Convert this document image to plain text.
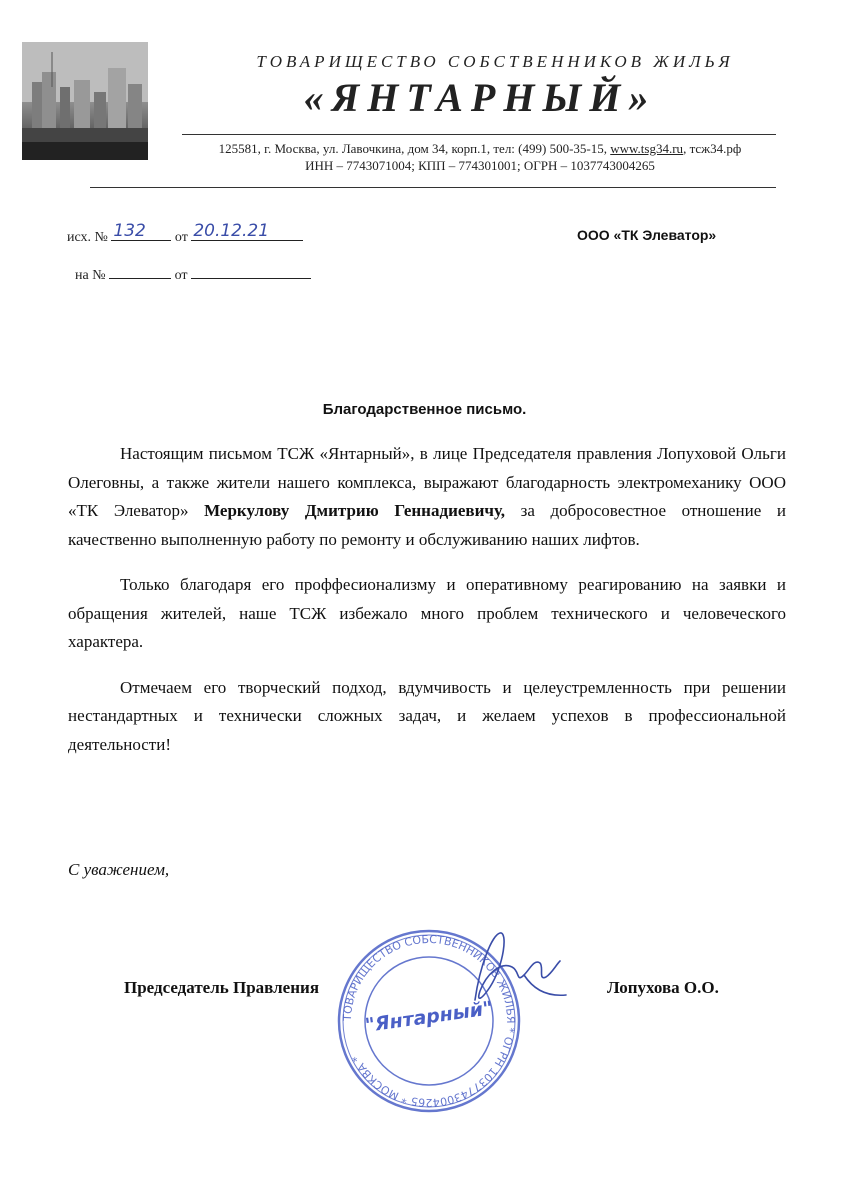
ТОВАРИЩЕСТВО СОБСТВЕННИКОВ ЖИЛЬЯ
«ЯНТАРНЫЙ»
125581, г. Москва, ул. Лавочкина, дом 34, корп.1, тел: (499) 500-35-15, www.tsg34.ru, тсж34.рф
ИНН – 7743071004; КПП – 774301001; ОГРН – 1037743004265
исх. № 132 от 20.12.21
на №	от
ООО «ТК Элеватор»
Благодарственное письмо.

Настоящим письмом ТСЖ «Янтарный», в лице Председателя правления Лопуховой Ольги Олеговны, а также жители нашего комплекса, выражают благодарность электромеханику ООО «ТК Элеватор» Меркулову Дмитрию Геннадиевичу, за добросовестное отношение и качественно выполненную работу по ремонту и обслуживанию наших лифтов.

Только благодаря его проффесионализму и оперативному реагированию на заявки и обращения жителей, наше ТСЖ избежало много проблем технического и человеческого характера.

Отмечаем его творческий подход, вдумчивость и целеустремленность при решении нестандартных и технически сложных задач, и желаем успехов в профессиональной деятельности!

С уважением,
ТОВАРИЩЕСТВО СОБСТВЕННИКОВ ЖИЛЬЯ * ОГРН 1037743004265 * МОСКВА *
"Янтарный"
Председатель Правления	Лопухова О.О.
